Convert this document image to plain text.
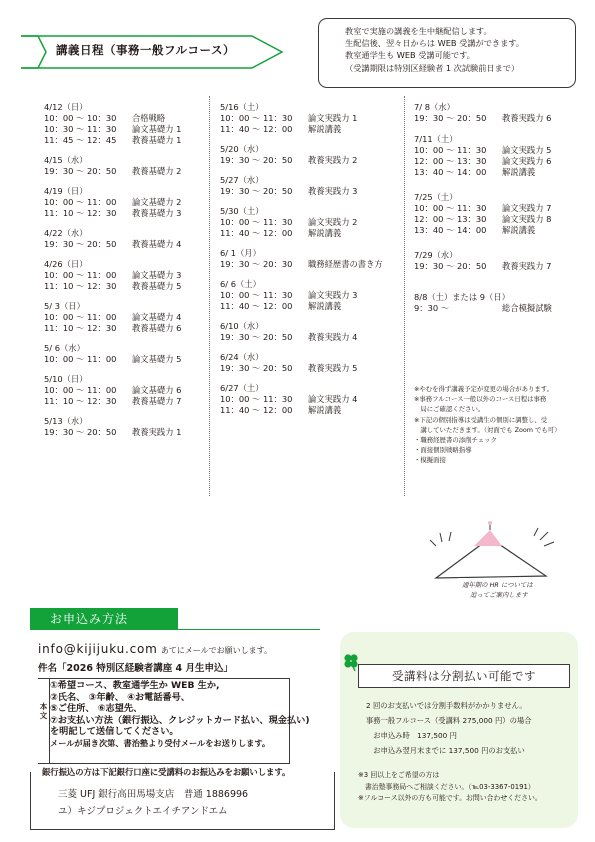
講義日程（事務一般フルコース）
教室で実施の講義を生中継配信します。
生配信後、翌々日からは WEB 受講ができます。
教室通学生も WEB 受講可能です。
（受講期限は特別区経験者 1 次試験前日まで）
4/12（日）
10：00 ～ 10：30	合格戦略
10：30 ～ 11：30	論文基礎力 1
11：45 ～ 12：45	教養基礎力 1
4/15（水）
19：30 ～ 20：50	教養基礎力 2
4/19（日）
10：00 ～ 11：00	論文基礎力 2
11：10 ～ 12：30	教養基礎力 3
4/22（水）
19：30 ～ 20：50	教養基礎力 4
4/26（日）
10：00 ～ 11：00	論文基礎力 3
11：10 ～ 12：30	教養基礎力 5
5/ 3（日）
10：00 ～ 11：00	論文基礎力 4
11：10 ～ 12：30	教養基礎力 6
5/ 6（水）
10：00 ～ 11：00	論文基礎力 5
5/10（日）
10：00 ～ 11：00	論文基礎力 6
11：10 ～ 12：30	教養基礎力 7
5/13（水）
19：30 ～ 20：50	教養実践力 1
5/16（土）
10：00 ～ 11：30	論文実践力 1
11：40 ～ 12：00	解説講義
5/20（水）
19：30 ～ 20：50	教養実践力 2
5/27（水）
19：30 ～ 20：50	教養実践力 3
5/30（土）
10：00 ～ 11：30	論文実践力 2
11：40 ～ 12：00	解説講義
6/ 1（月）
19：30 ～ 20：30	職務経歴書の書き方
6/ 6（土）
10：00 ～ 11：30	論文実践力 3
11：40 ～ 12：00	解説講義
6/10（水）
19：30 ～ 20：50	教養実践力 4
6/24（水）
19：30 ～ 20：50	教養実践力 5
6/27（土）
10：00 ～ 11：30	論文実践力 4
11：40 ～ 12：00	解説講義
7/ 8（水）
19：30 ～ 20：50	教養実践力 6
7/11（土）
10：00 ～ 11：30	論文実践力 5
12：00 ～ 13：30	論文実践力 6
13：40 ～ 14：00	解説講義
7/25（土）
10：00 ～ 11：30	論文実践力 7
12：00 ～ 13：30	論文実践力 8
13：40 ～ 14：00	解説講義
7/29（水）
19：30 ～ 20：50	教養実践力 7
8/8（土）または 9（日）
9：30 ～	総合模擬試験
※やむを得ず講義予定が変更の場合があります。
※事務フルコース一般以外のコース日程は事務
　局にご確認ください。
※下記の個別指導は受講生の個別に調整し、受
　講していただきます。（対面でも Zoom でも可）
・職務経歴書の添削チェック
・面接個別戦略指導
・模擬面接
通年期の HR については
追ってご案内します
お申込み方法
info@kijijuku.com あてにメールでお願いします。
件名「2026 特別区経験者講座 4 月生申込」
本
文
①希望コース、教室通学生か WEB 生か,
②氏名、 ③年齢、 ④お電話番号、
⑤ご住所、 ⑥志望先、
⑦お支払い方法（銀行振込、クレジットカード払い、現金払い)
を明記して送信してください。
メールが届き次第、書治塾より受付メールをお送りします。
銀行振込の方は下記銀行口座に受講料のお振込みをお願いします。
三菱 UFJ 銀行高田馬場支店　普通 1886996
ユ）キジプロジェクトエイチアンドエム
受講料は分割払い可能です
2 回のお支払いでは分割手数料がかかりません。
事務一般フルコース（受講料 275,000 円）の場合
　お申込み時　137,500 円
　お申込み翌月末までに 137,500 円のお支払い
※3 回以上をご希望の方は
　書治塾事務局へご相談ください。（℡03-3367-0191）
※フルコース以外の方も可能です。お問い合わせください。
